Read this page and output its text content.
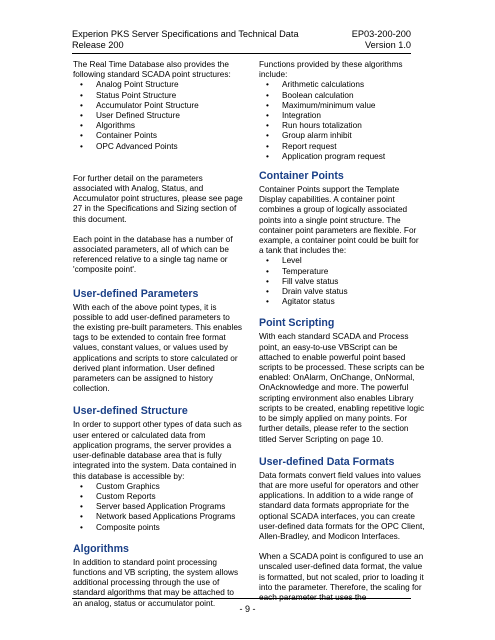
Experion PKS Server Specifications and Technical Data	EP03-200-200
Release 200	Version 1.0

The Real Time Database also provides the following standard SCADA point structures:

• Analog Point Structure
• Status Point Structure
• Accumulator Point Structure
• User Defined Structure
• Algorithms
• Container Points
• OPC Advanced Points

For further detail on the parameters associated with Analog, Status, and Accumulator point structures, please see page 27 in the Specifications and Sizing section of this document.

Each point in the database has a number of associated parameters, all of which can be referenced relative to a single tag name or 'composite point'.

User-defined Parameters

With each of the above point types, it is possible to add user-defined parameters to the existing pre-built parameters. This enables tags to be extended to contain free format values, constant values, or values used by applications and scripts to store calculated or derived plant information. User defined parameters can be assigned to history collection.

User-defined Structure

In order to support other types of data such as user entered or calculated data from application programs, the server provides a user-definable database area that is fully integrated into the system. Data contained in this database is accessible by:

• Custom Graphics
• Custom Reports
• Server based Application Programs
• Network based Applications Programs
• Composite points
Algorithms

In addition to standard point processing functions and VB scripting, the system allows additional processing through the use of standard algorithms that may be attached to an analog, status or accumulator point.

Functions provided by these algorithms include:

• Arithmetic calculations
• Boolean calculation
• Maximum/minimum value
• Integration
• Run hours totalization
• Group alarm inhibit
• Report request
• Application program request
Container Points

Container Points support the Template Display capabilities. A container point combines a group of logically associated points into a single point structure. The container point parameters are flexible. For example, a container point could be built for a tank that includes the:

• Level
• Temperature
• Fill valve status
• Drain valve status
• Agitator status
Point Scripting

With each standard SCADA and Process point, an easy-to-use VBScript can be attached to enable powerful point based scripts to be processed. These scripts can be enabled: OnAlarm, OnChange, OnNormal, OnAcknowledge and more. The powerful scripting environment also enables Library scripts to be created, enabling repetitive logic to be simply applied on many points. For further details, please refer to the section titled Server Scripting on page 10.

User-defined Data Formats

Data formats convert field values into values that are more useful for operators and other applications. In addition to a wide range of standard data formats appropriate for the optional SCADA interfaces, you can create user-defined data formats for the OPC Client, Allen-Bradley, and Modicon Interfaces.

When a SCADA point is configured to use an unscaled user-defined data format, the value is formatted, but not scaled, prior to loading it into the parameter. Therefore, the scaling for each parameter that uses the

- 9 -
